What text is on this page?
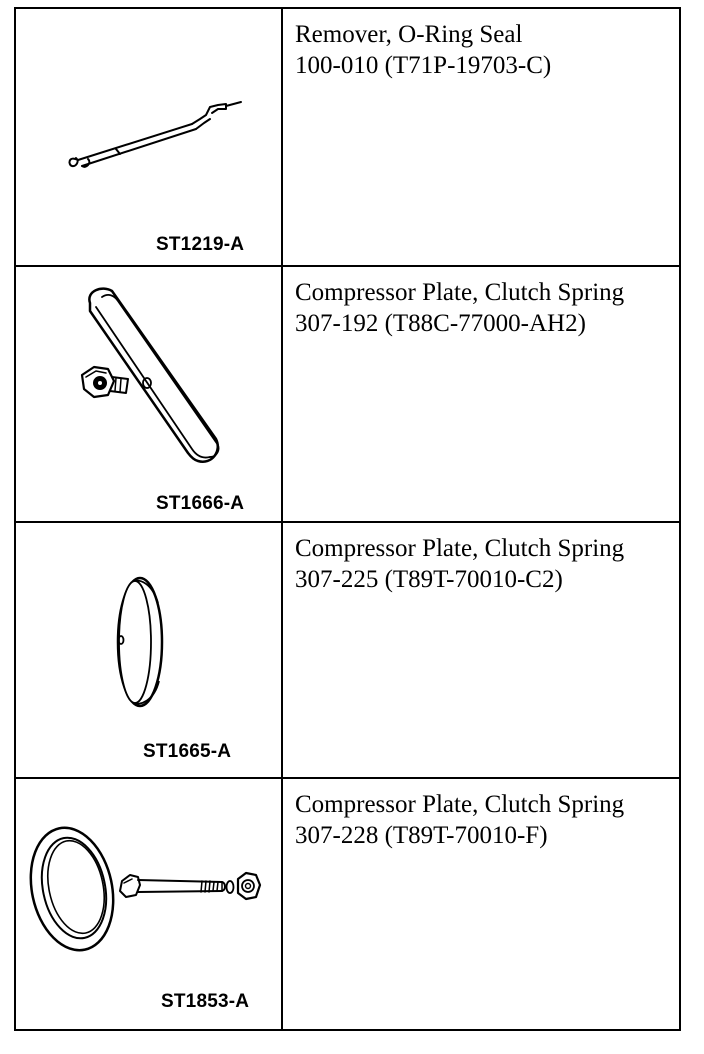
ST1219-A
Remover, O-Ring Seal
100-010 (T71P-19703-C)
ST1666-A
Compressor Plate, Clutch Spring
307-192 (T88C-77000-AH2)
ST1665-A
Compressor Plate, Clutch Spring
307-225 (T89T-70010-C2)
ST1853-A
Compressor Plate, Clutch Spring
307-228 (T89T-70010-F)
